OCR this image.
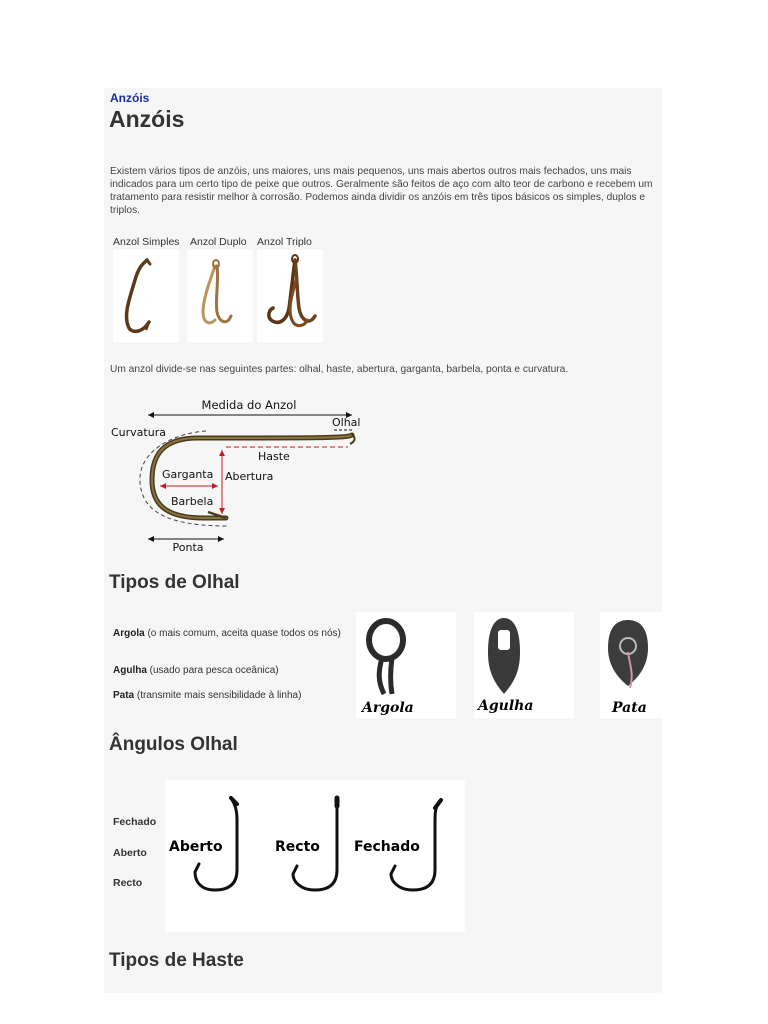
Anzóis
Anzóis

Existem vários tipos de anzóis, uns maiores, uns mais pequenos, uns mais abertos outros mais fechados, uns mais indicados para um certo tipo de peixe que outros. Geralmente são feitos de aço com alto teor de carbono e recebem um tratamento para resistir melhor à corrosão. Podemos ainda dividir os anzóis em três tipos básicos os simples, duplos e triplos.

Anzol Simples Anzol Duplo Anzol Triplo

Um anzol divide-se nas seguintes partes: olhal, haste, abertura, garganta, barbela, ponta e curvatura.

Medida do Anzol
Olhal
Curvatura
Haste
Abertura
Garganta
Barbela
Ponta
Tipos de Olhal

Argola (o mais comum, aceita quase todos os nós)

Agulha (usado para pesca oceânica)

Pata (transmite mais sensibilidade à linha)

Argola	Agulha	Pata
Ângulos Olhal
Fechado
Aberto
Recto
Aberto	Recto Fechado
Tipos de Haste
